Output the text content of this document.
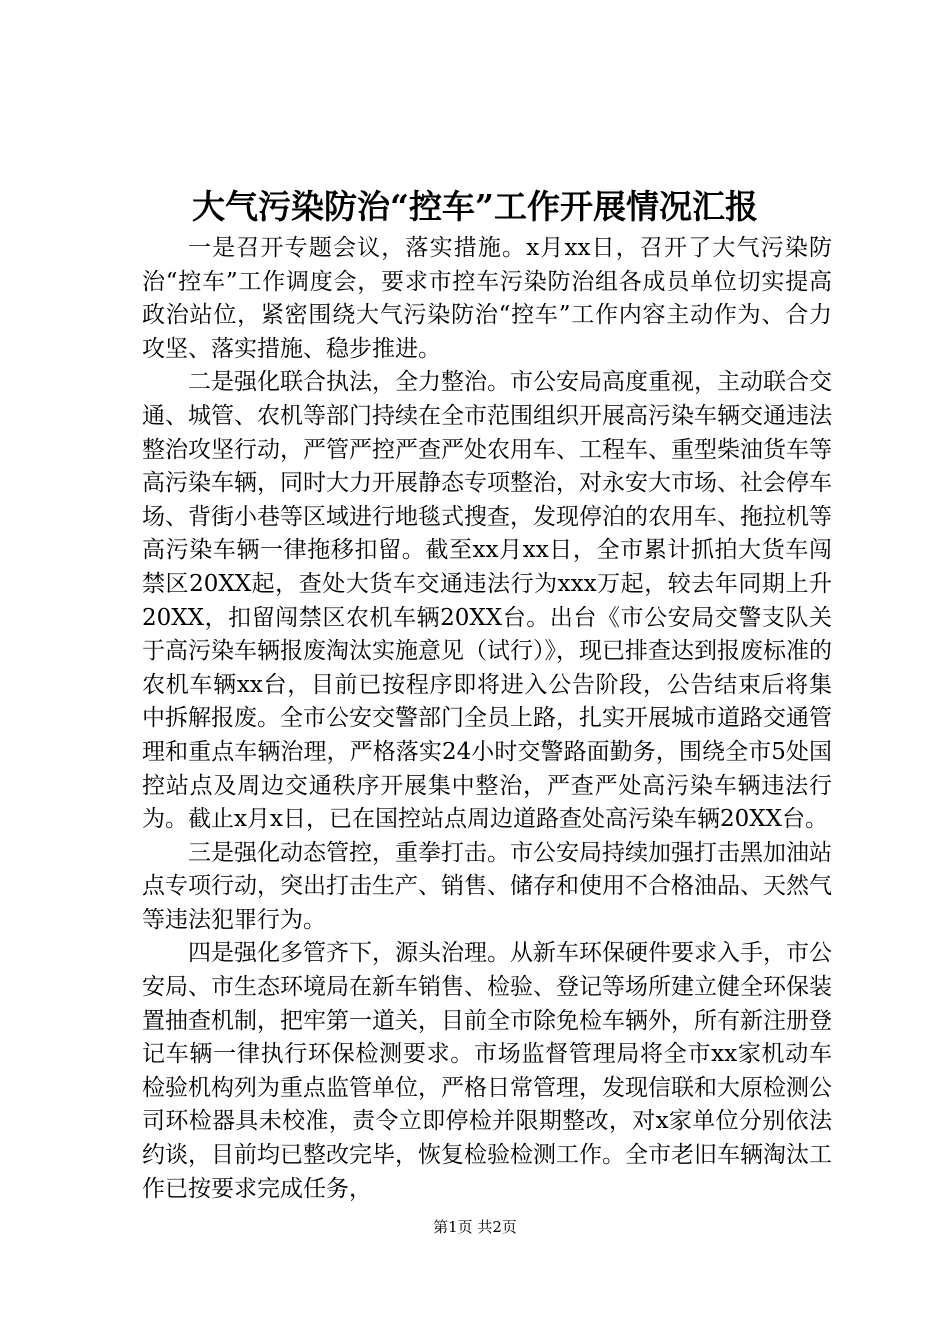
大气污染防治“控车”工作开展情况汇报

一是召开专题会议，落实措施。x月xx日，召开了大气污染防治“控车”工作调度会，要求市控车污染防治组各成员单位切实提高政治站位，紧密围绕大气污染防治“控车”工作内容主动作为、合力攻坚、落实措施、稳步推进。

二是强化联合执法，全力整治。市公安局高度重视，主动联合交通、城管、农机等部门持续在全市范围组织开展高污染车辆交通违法整治攻坚行动，严管严控严查严处农用车、工程车、重型柴油货车等高污染车辆，同时大力开展静态专项整治，对永安大市场、社会停车场、背街小巷等区域进行地毯式搜查，发现停泊的农用车、拖拉机等高污染车辆一律拖移扣留。截至xx月xx日，全市累计抓拍大货车闯禁区20XX起，查处大货车交通违法行为xxx万起，较去年同期上升20XX，扣留闯禁区农机车辆20XX台。出台《市公安局交警支队关于高污染车辆报废淘汰实施意见（试行）》，现已排查达到报废标准的农机车辆xx台，目前已按程序即将进入公告阶段，公告结束后将集中拆解报废。全市公安交警部门全员上路，扎实开展城市道路交通管理和重点车辆治理，严格落实24小时交警路面勤务，围绕全市5处国控站点及周边交通秩序开展集中整治，严查严处高污染车辆违法行为。截止x月x日，已在国控站点周边道路查处高污染车辆20XX台。

三是强化动态管控，重拳打击。市公安局持续加强打击黑加油站点专项行动，突出打击生产、销售、储存和使用不合格油品、天然气等违法犯罪行为。

四是强化多管齐下，源头治理。从新车环保硬件要求入手，市公安局、市生态环境局在新车销售、检验、登记等场所建立健全环保装置抽查机制，把牢第一道关，目前全市除免检车辆外，所有新注册登记车辆一律执行环保检测要求。市场监督管理局将全市xx家机动车检验机构列为重点监管单位，严格日常管理，发现信联和大原检测公司环检器具未校准，责令立即停检并限期整改，对x家单位分别依法约谈，目前均已整改完毕，恢复检验检测工作。全市老旧车辆淘汰工作已按要求完成任务，

第1页 共2页
